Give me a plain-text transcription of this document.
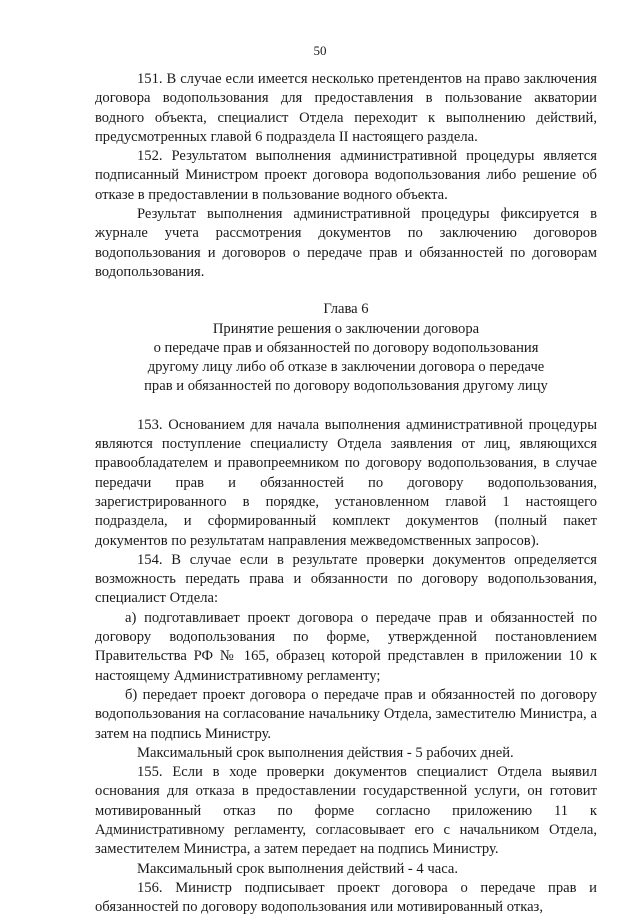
50

151. В случае если имеется несколько претендентов на право заключения договора водопользования для предоставления в пользование акватории водного объекта, специалист Отдела переходит к выполнению действий, предусмотренных главой 6 подраздела II настоящего раздела.

152. Результатом выполнения административной процедуры является подписанный Министром проект договора водопользования либо решение об отказе в предоставлении в пользование водного объекта.

Результат выполнения административной процедуры фиксируется в журнале учета рассмотрения документов по заключению договоров водопользования и договоров о передаче прав и обязанностей по договорам водопользования.

Глава 6
Принятие решения о заключении договора
о передаче прав и обязанностей по договору водопользования
другому лицу либо об отказе в заключении договора о передаче
прав и обязанностей по договору водопользования другому лицу

153. Основанием для начала выполнения административной процедуры являются поступление специалисту Отдела заявления от лиц, являющихся правообладателем и правопреемником по договору водопользования, в случае передачи прав и обязанностей по договору водопользования, зарегистрированного в порядке, установленном главой 1 настоящего подраздела, и сформированный комплект документов (полный пакет документов по результатам направления межведомственных запросов).

154. В случае если в результате проверки документов определяется возможность передать права и обязанности по договору водопользования, специалист Отдела:

а) подготавливает проект договора о передаче прав и обязанностей по договору водопользования по форме, утвержденной постановлением Правительства РФ № 165, образец которой представлен в приложении 10 к настоящему Административному регламенту;

б) передает проект договора о передаче прав и обязанностей по договору водопользования на согласование начальнику Отдела, заместителю Министра, а затем на подпись Министру.

Максимальный срок выполнения действия - 5 рабочих дней.

155. Если в ходе проверки документов специалист Отдела выявил основания для отказа в предоставлении государственной услуги, он готовит мотивированный отказ по форме согласно приложению 11 к Административному регламенту, согласовывает его с начальником Отдела, заместителем Министра, а затем передает на подпись Министру.

Максимальный срок выполнения действий - 4 часа.

156. Министр подписывает проект договора о передаче прав и обязанностей по договору водопользования или мотивированный отказ,
